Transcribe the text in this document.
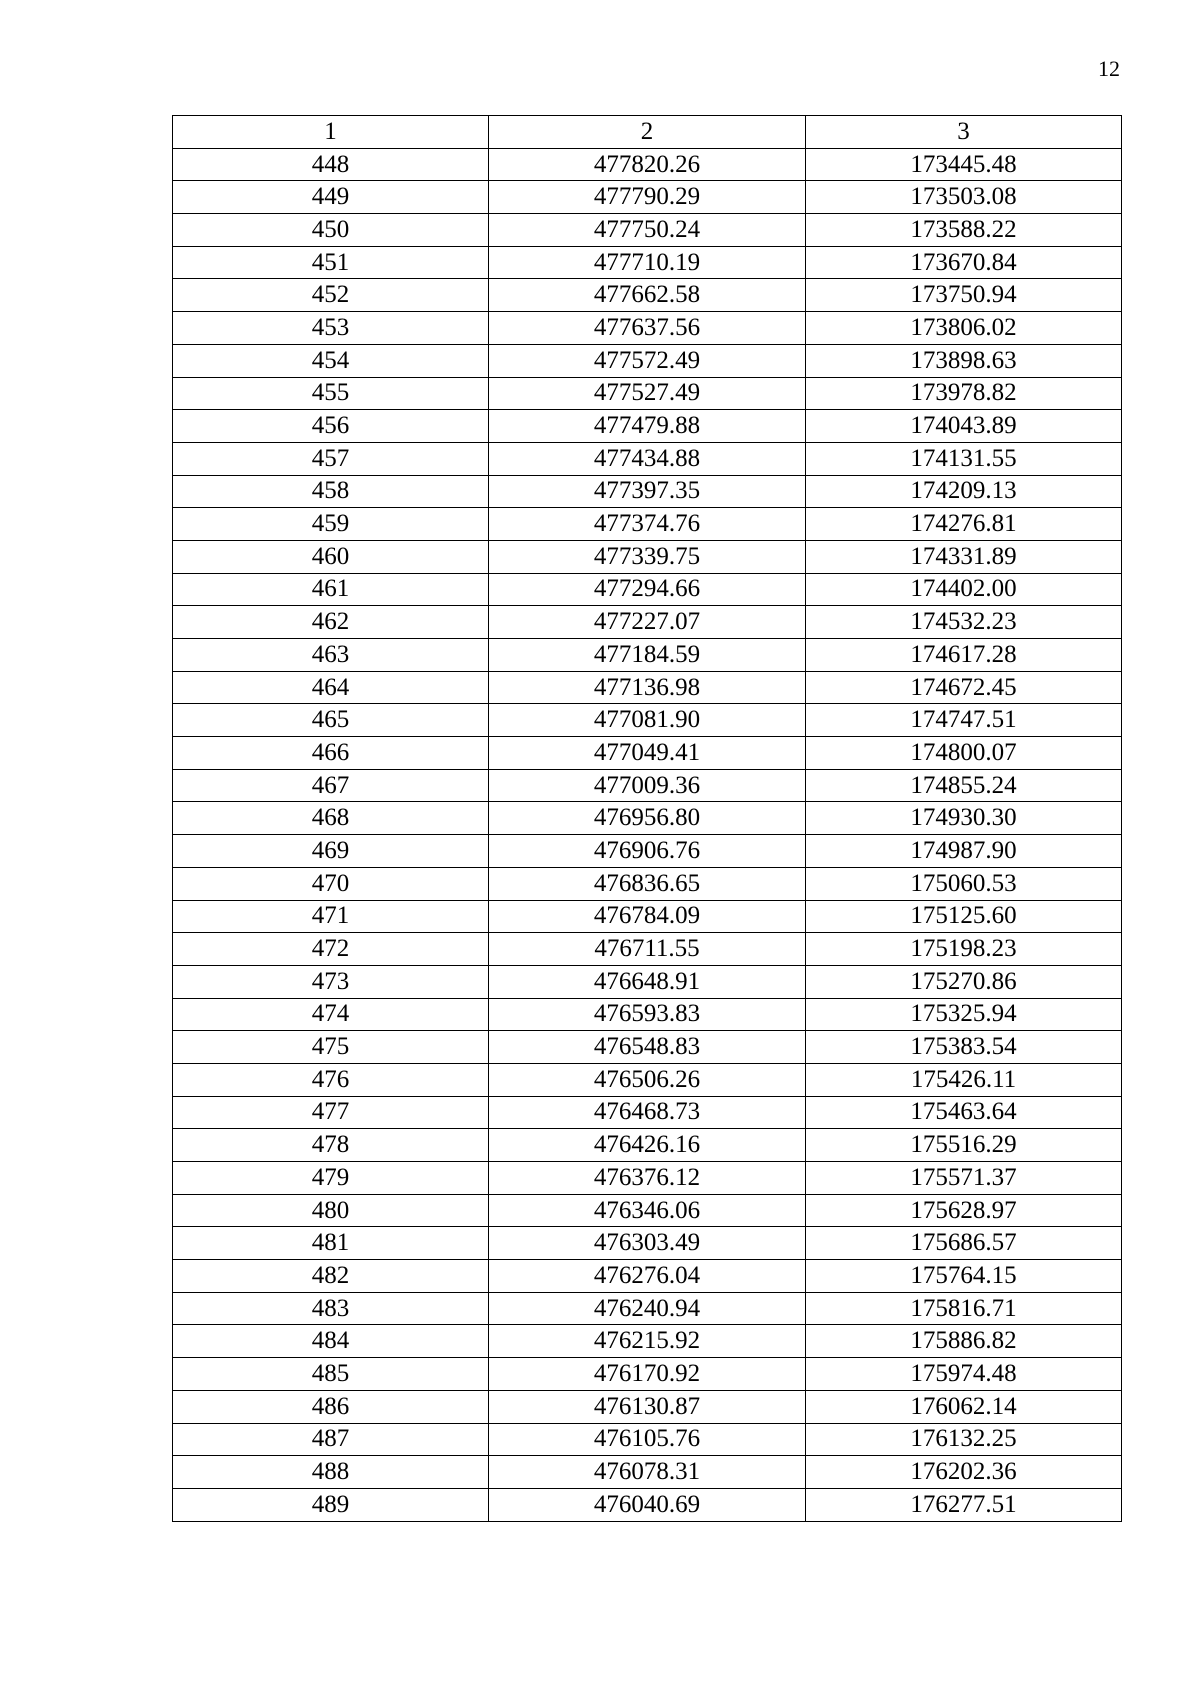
12
1	2	3
448	477820.26	173445.48
449	477790.29	173503.08
450	477750.24	173588.22
451	477710.19	173670.84
452	477662.58	173750.94
453	477637.56	173806.02
454	477572.49	173898.63
455	477527.49	173978.82
456	477479.88	174043.89
457	477434.88	174131.55
458	477397.35	174209.13
459	477374.76	174276.81
460	477339.75	174331.89
461	477294.66	174402.00
462	477227.07	174532.23
463	477184.59	174617.28
464	477136.98	174672.45
465	477081.90	174747.51
466	477049.41	174800.07
467	477009.36	174855.24
468	476956.80	174930.30
469	476906.76	174987.90
470	476836.65	175060.53
471	476784.09	175125.60
472	476711.55	175198.23
473	476648.91	175270.86
474	476593.83	175325.94
475	476548.83	175383.54
476	476506.26	175426.11
477	476468.73	175463.64
478	476426.16	175516.29
479	476376.12	175571.37
480	476346.06	175628.97
481	476303.49	175686.57
482	476276.04	175764.15
483	476240.94	175816.71
484	476215.92	175886.82
485	476170.92	175974.48
486	476130.87	176062.14
487	476105.76	176132.25
488	476078.31	176202.36
489	476040.69	176277.51
